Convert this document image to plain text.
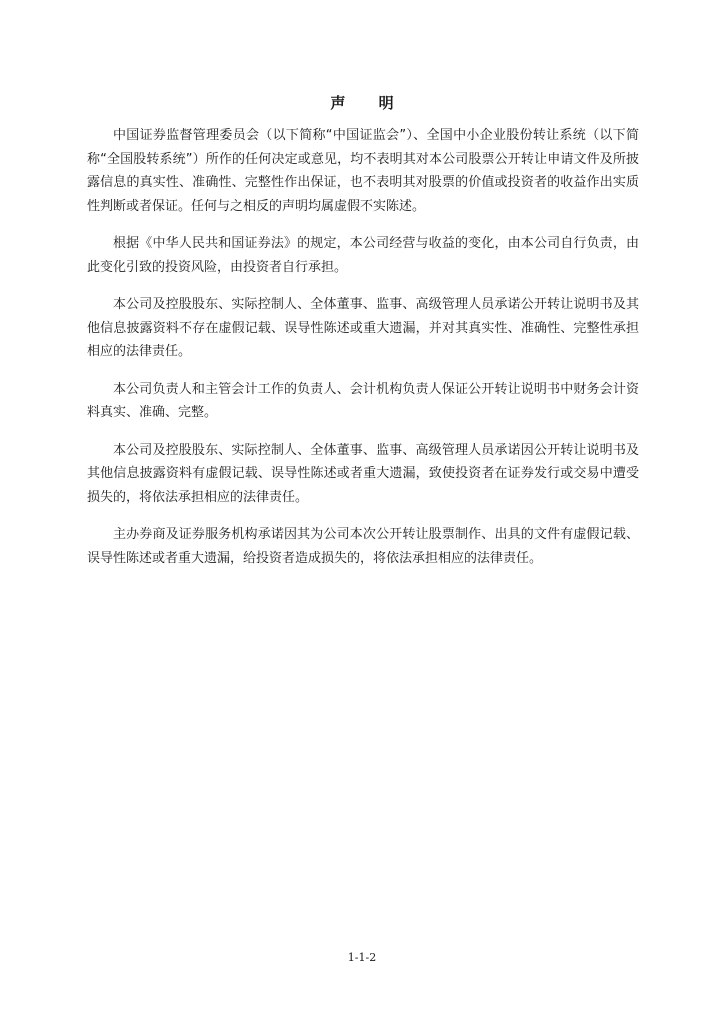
声 明

中国证券监督管理委员会（以下简称“中国证监会”）、全国中小企业股份转让系统（以下简称“全国股转系统”）所作的任何决定或意见，均不表明其对本公司股票公开转让申请文件及所披露信息的真实性、准确性、完整性作出保证，也不表明其对股票的价值或投资者的收益作出实质性判断或者保证。任何与之相反的声明均属虚假不实陈述。

根据《中华人民共和国证券法》的规定，本公司经营与收益的变化，由本公司自行负责，由此变化引致的投资风险，由投资者自行承担。

本公司及控股股东、实际控制人、全体董事、监事、高级管理人员承诺公开转让说明书及其他信息披露资料不存在虚假记载、误导性陈述或重大遗漏，并对其真实性、准确性、完整性承担相应的法律责任。

本公司负责人和主管会计工作的负责人、会计机构负责人保证公开转让说明书中财务会计资料真实、准确、完整。

本公司及控股股东、实际控制人、全体董事、监事、高级管理人员承诺因公开转让说明书及其他信息披露资料有虚假记载、误导性陈述或者重大遗漏，致使投资者在证券发行或交易中遭受损失的，将依法承担相应的法律责任。

主办券商及证券服务机构承诺因其为公司本次公开转让股票制作、出具的文件有虚假记载、误导性陈述或者重大遗漏，给投资者造成损失的，将依法承担相应的法律责任。

1-1-2
